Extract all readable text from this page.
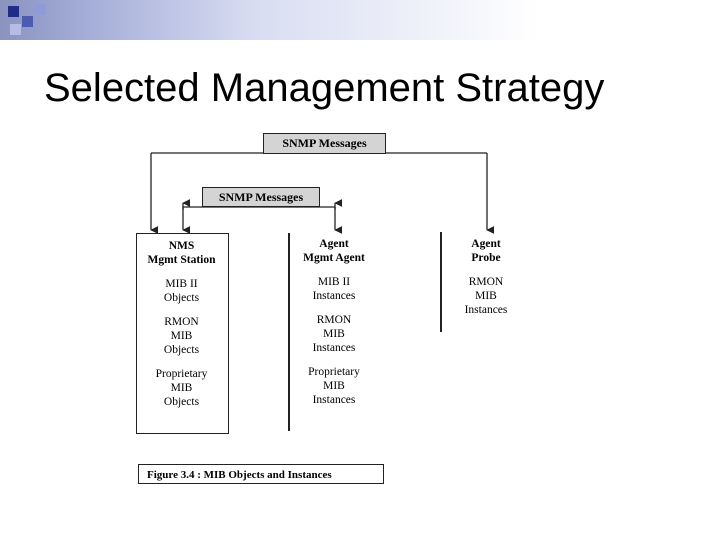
Selected Management Strategy
SNMP Messages
SNMP Messages
NMS
Mgmt Station
MIB II
Objects
RMON
MIB
Objects
Proprietary
MIB
Objects
Agent
Mgmt Agent
MIB II
Instances
RMON
MIB
Instances
Proprietary
MIB
Instances
Agent
Probe
RMON
MIB
Instances
Figure 3.4 : MIB Objects and Instances
